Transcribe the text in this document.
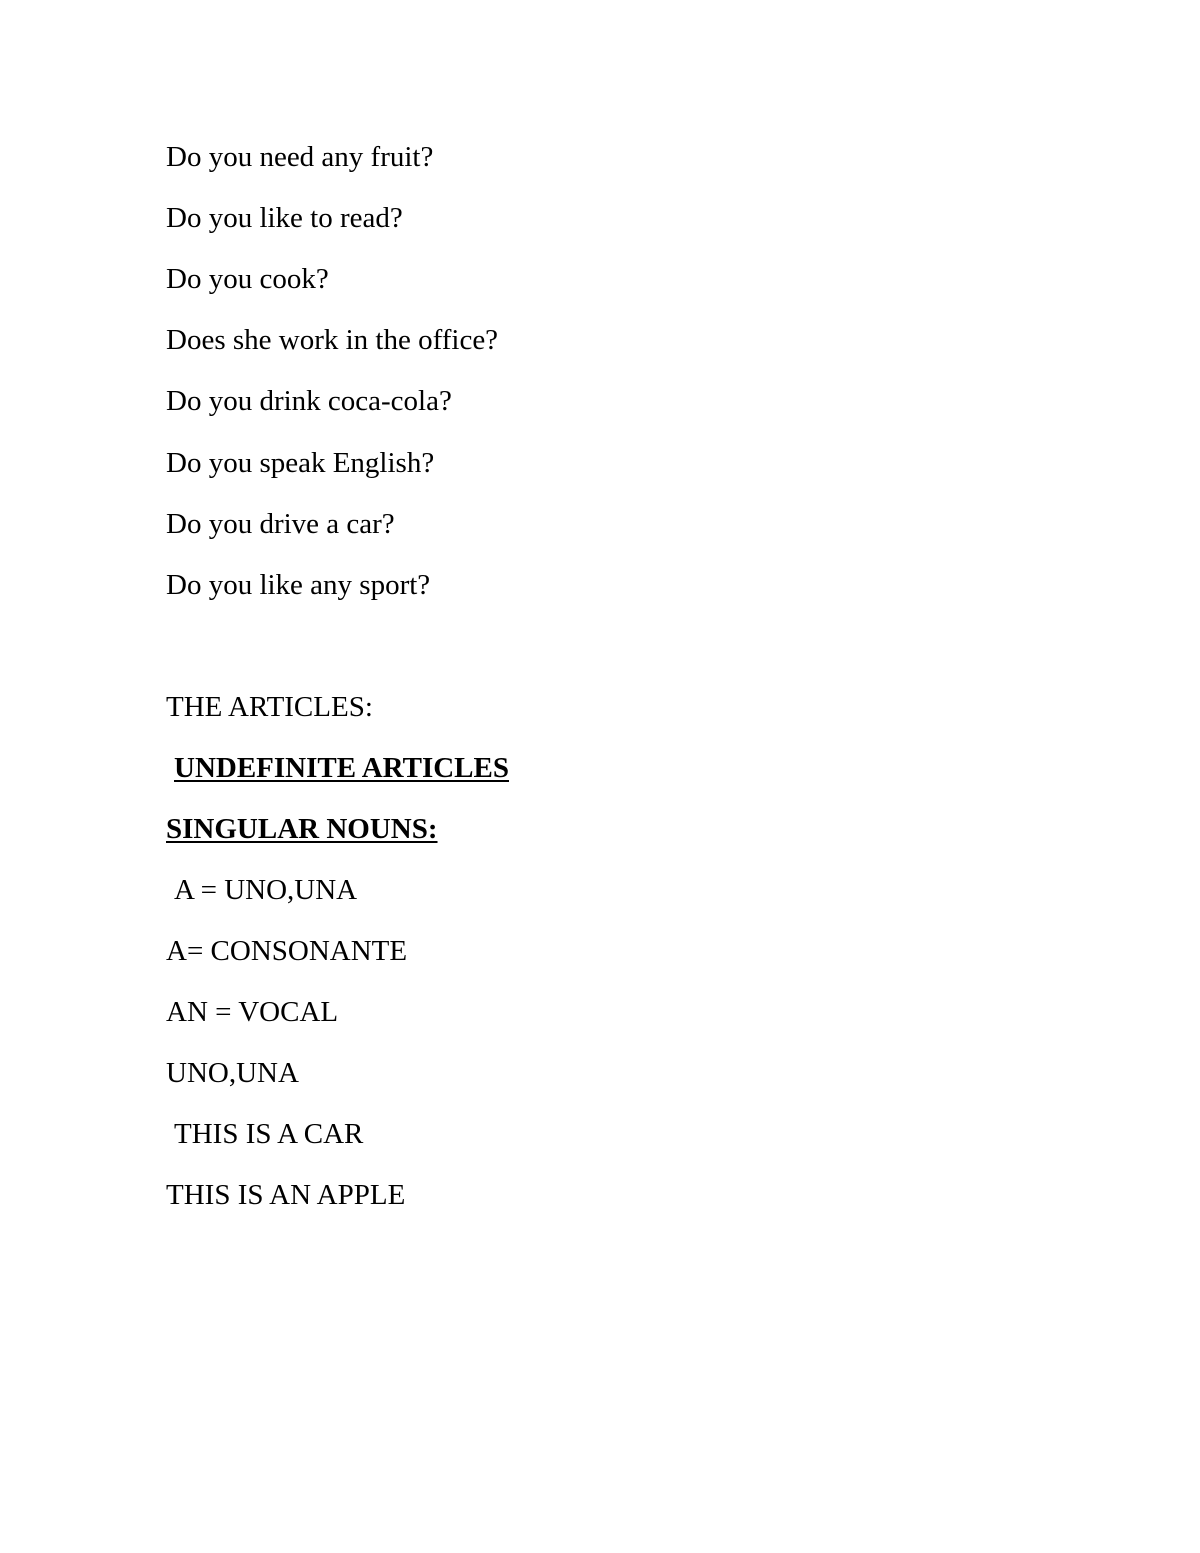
Do you need any fruit?

Do you like to read?

Do you cook?

Does she work in the office?

Do you drink coca-cola?

Do you speak English?

Do you drive a car?

Do you like any sport?

THE ARTICLES:

UNDEFINITE ARTICLES

SINGULAR NOUNS:

A = UNO,UNA

A= CONSONANTE

AN = VOCAL

UNO,UNA

THIS IS A CAR

THIS IS AN APPLE
